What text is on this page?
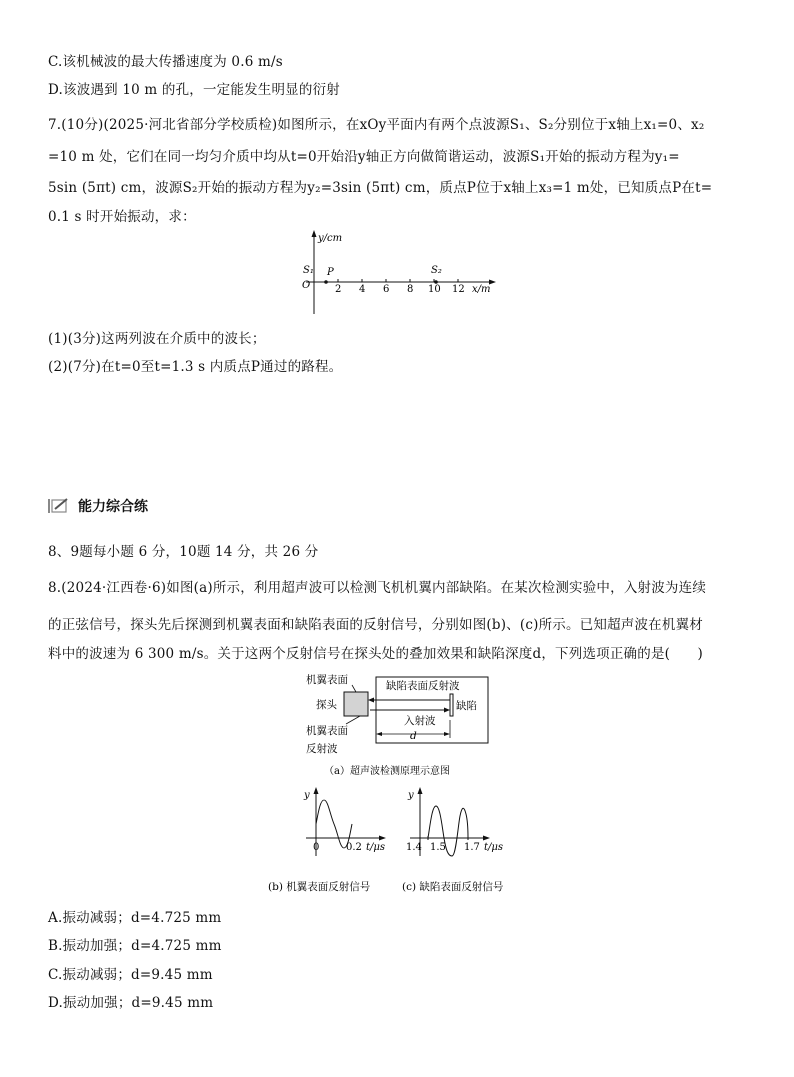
C.该机械波的最大传播速度为 0.6 m/s
D.该波遇到 10 m 的孔，一定能发生明显的衍射
7.(10分)(2025·河北省部分学校质检)如图所示，在xOy平面内有两个点波源S₁、S₂分别位于x轴上x₁=0、x₂
=10 m 处，它们在同一均匀介质中均从t=0开始沿y轴正方向做简谐运动，波源S₁开始的振动方程为y₁=
5sin (5πt) cm，波源S₂开始的振动方程为y₂=3sin (5πt) cm，质点P位于x轴上x₃=1 m处，已知质点P在t=
0.1 s 时开始振动，求：
y/cm
O
S₁ P	S₂
2 4 6 8 10 12 x/m
(1)(3分)这两列波在介质中的波长；
(2)(7分)在t=0至t=1.3 s 内质点P通过的路程。
能力综合练
8、9题每小题 6 分，10题 14 分，共 26 分
8.(2024·江西卷·6)如图(a)所示，利用超声波可以检测飞机机翼内部缺陷。在某次检测实验中，入射波为连续
的正弦信号，探头先后探测到机翼表面和缺陷表面的反射信号，分别如图(b)、(c)所示。已知超声波在机翼材
料中的波速为 6 300 m/s。关于这两个反射信号在探头处的叠加效果和缺陷深度d，下列选项正确的是(　　)
机翼表面	缺陷表面反射波
探头	缺陷
入射波
d
机翼表面
反射波
（a）超声波检测原理示意图
y
0	0.2 t/μs
y
1.4 1.5 1.7 t/μs
(b) 机翼表面反射信号	(c) 缺陷表面反射信号
A.振动减弱；d=4.725 mm
B.振动加强；d=4.725 mm
C.振动减弱；d=9.45 mm
D.振动加强；d=9.45 mm
